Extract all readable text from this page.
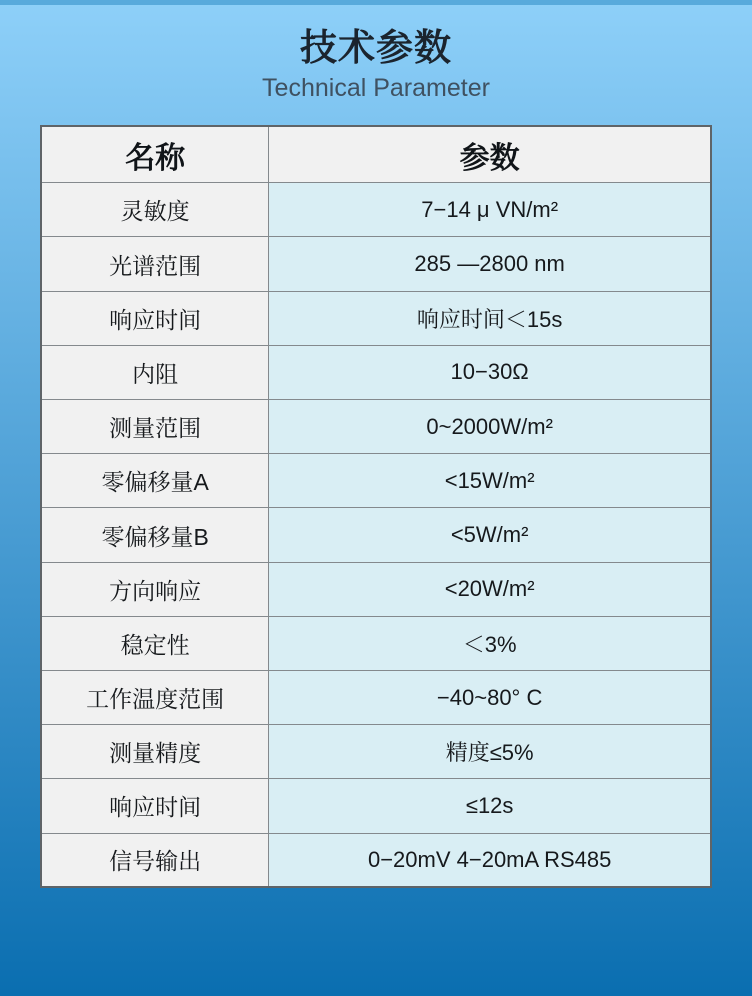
技术参数
Technical Parameter
名称	参数
灵敏度	7−14 μ VN/m²
光谱范围	285 —2800 nm
响应时间	响应时间＜15s
内阻	10−30Ω
测量范围	0~2000W/m²
零偏移量A	<15W/m²
零偏移量B	<5W/m²
方向响应	<20W/m²
稳定性	＜3%
工作温度范围	−40~80° C
测量精度	精度≤5%
响应时间	≤12s
信号输出	0−20mV 4−20mA RS485
